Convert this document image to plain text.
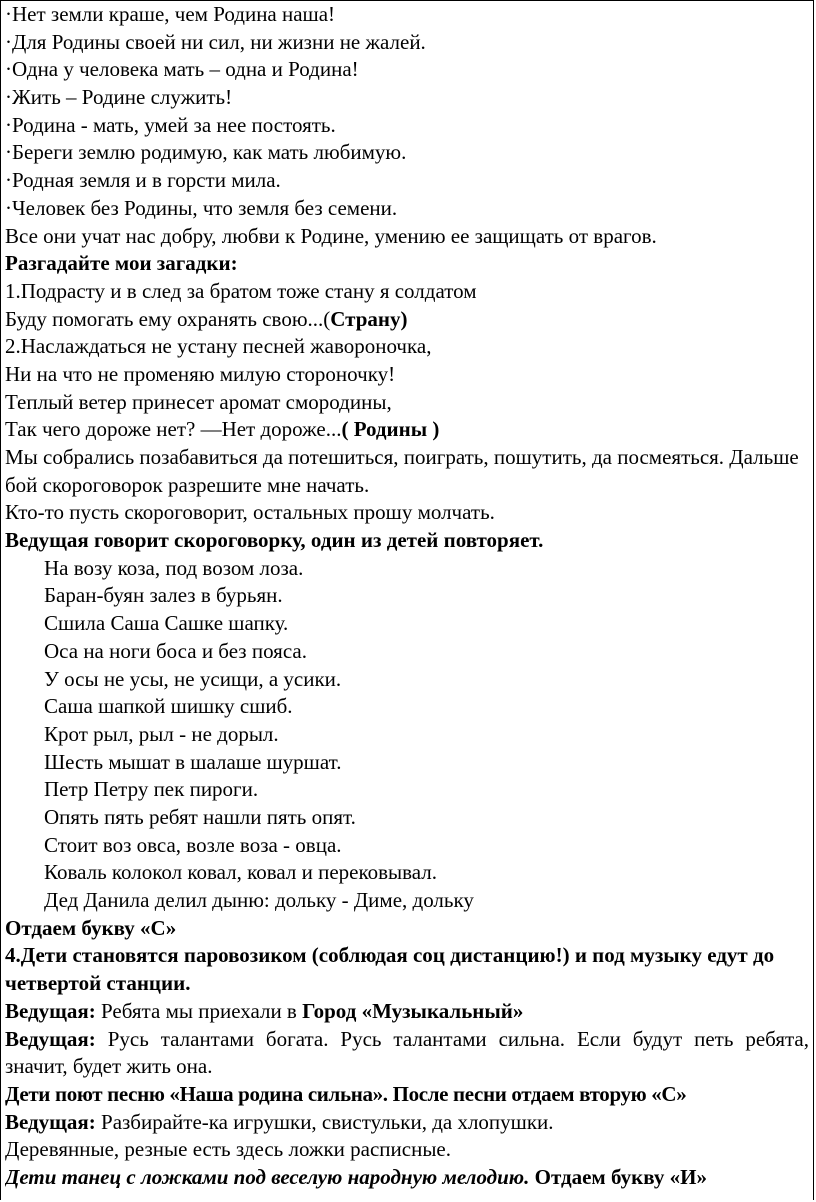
·Нет земли краше, чем Родина наша!
·Для Родины своей ни сил, ни жизни не жалей.
·Одна у человека мать – одна и Родина!
·Жить – Родине служить!
·Родина - мать, умей за нее постоять.
·Береги землю родимую, как мать любимую.
·Родная земля и в горсти мила.
·Человек без Родины, что земля без семени.
Все они учат нас добру, любви к Родине, умению ее защищать от врагов.
Разгадайте мои загадки:
1.Подрасту и в след за братом тоже стану я солдатом
Буду помогать ему охранять свою...(Страну)
2.Наслаждаться не устану песней жавороночка,
Ни на что не променяю милую стороночку!
Теплый ветер принесет аромат смородины,
Так чего дороже нет? —Нет дороже...( Родины )
Мы собрались позабавиться да потешиться, поиграть, пошутить, да посмеяться. Дальше бой скороговорок разрешите мне начать.
Кто-то пусть скороговорит, остальных прошу молчать.
Ведущая говорит скороговорку, один из детей повторяет.
На возу коза, под возом лоза.
Баран-буян залез в бурьян.
Сшила Саша Сашке шапку.
Оса на ноги боса и без пояса.
У осы не усы, не усищи, а усики.
Саша шапкой шишку сшиб.
Крот рыл, рыл - не дорыл.
Шесть мышат в шалаше шуршат.
Петр Петру пек пироги.
Опять пять ребят нашли пять опят.
Стоит воз овса, возле воза - овца.
Коваль колокол ковал, ковал и перековывал.
Дед Данила делил дыню: дольку - Диме, дольку
Отдаем букву «С»
4.Дети становятся паровозиком (соблюдая соц дистанцию!) и под музыку едут до четвертой станции.
Ведущая: Ребята мы приехали в Город «Музыкальный»
Ведущая: Русь талантами богата. Русь талантами сильна. Если будут петь ребята, значит, будет жить она.
Дети поют песню «Наша родина сильна». После песни отдаем вторую «С»
Ведущая: Разбирайте-ка игрушки, свистульки, да хлопушки.
Деревянные, резные есть здесь ложки расписные.
Дети танец с ложками под веселую народную мелодию. Отдаем букву «И»
